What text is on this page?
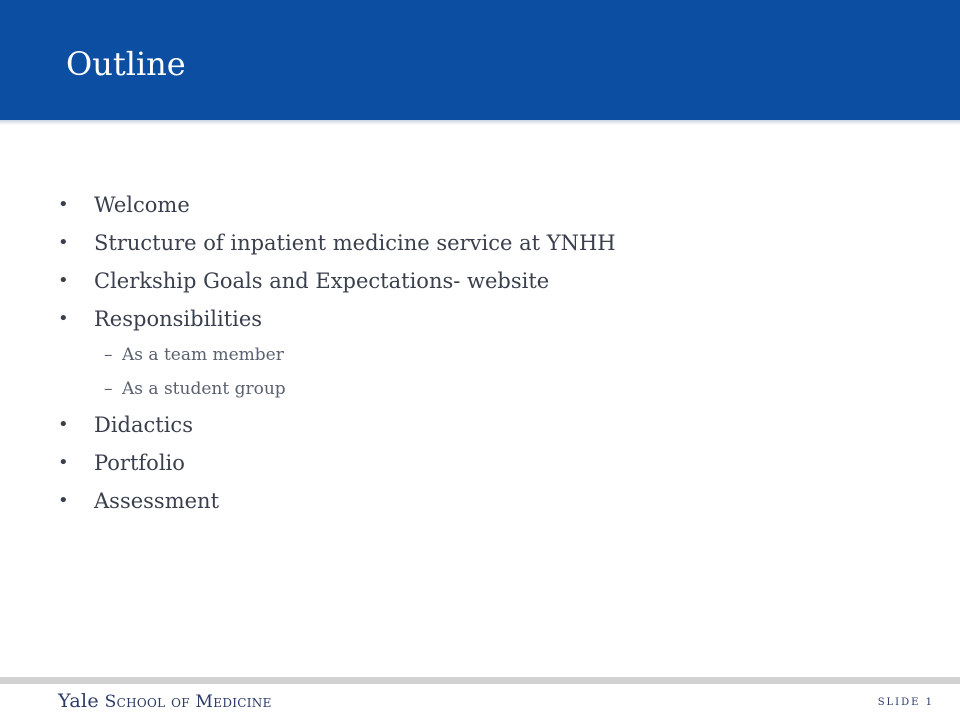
Outline
• Welcome
• Structure of inpatient medicine service at YNHH
• Clerkship Goals and Expectations- website
• Responsibilities
– As a team member
– As a student group
• Didactics
• Portfolio
• Assessment
Yale School of Medicine	SLIDE 1
